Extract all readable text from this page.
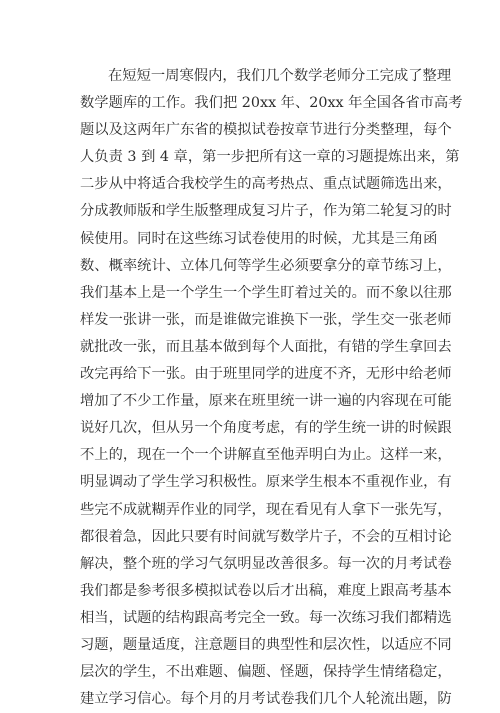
在短短一周寒假内，我们几个数学老师分工完成了整理
数学题库的工作。我们把 20xx 年、20xx 年全国各省市高考
题以及这两年广东省的模拟试卷按章节进行分类整理，每个
人负责 3 到 4 章，第一步把所有这一章的习题提炼出来，第
二步从中将适合我校学生的高考热点、重点试题筛选出来，
分成教师版和学生版整理成复习片子，作为第二轮复习的时
候使用。同时在这些练习试卷使用的时候，尤其是三角函
数、概率统计、立体几何等学生必须要拿分的章节练习上，
我们基本上是一个学生一个学生盯着过关的。而不象以往那
样发一张讲一张，而是谁做完谁换下一张，学生交一张老师
就批改一张，而且基本做到每个人面批，有错的学生拿回去
改完再给下一张。由于班里同学的进度不齐，无形中给老师
增加了不少工作量，原来在班里统一讲一遍的内容现在可能
说好几次，但从另一个角度考虑，有的学生统一讲的时候跟
不上的，现在一个一个讲解直至他弄明白为止。这样一来，
明显调动了学生学习积极性。原来学生根本不重视作业，有
些完不成就糊弄作业的同学，现在看见有人拿下一张先写，
都很着急，因此只要有时间就写数学片子，不会的互相讨论
解决，整个班的学习气氛明显改善很多。每一次的月考试卷
我们都是参考很多模拟试卷以后才出稿，难度上跟高考基本
相当，试题的结构跟高考完全一致。每一次练习我们都精选
习题，题量适度，注意题目的典型性和层次性，以适应不同
层次的学生，不出难题、偏题、怪题，保持学生情绪稳定，
建立学习信心。每个月的月考试卷我们几个人轮流出题，防
